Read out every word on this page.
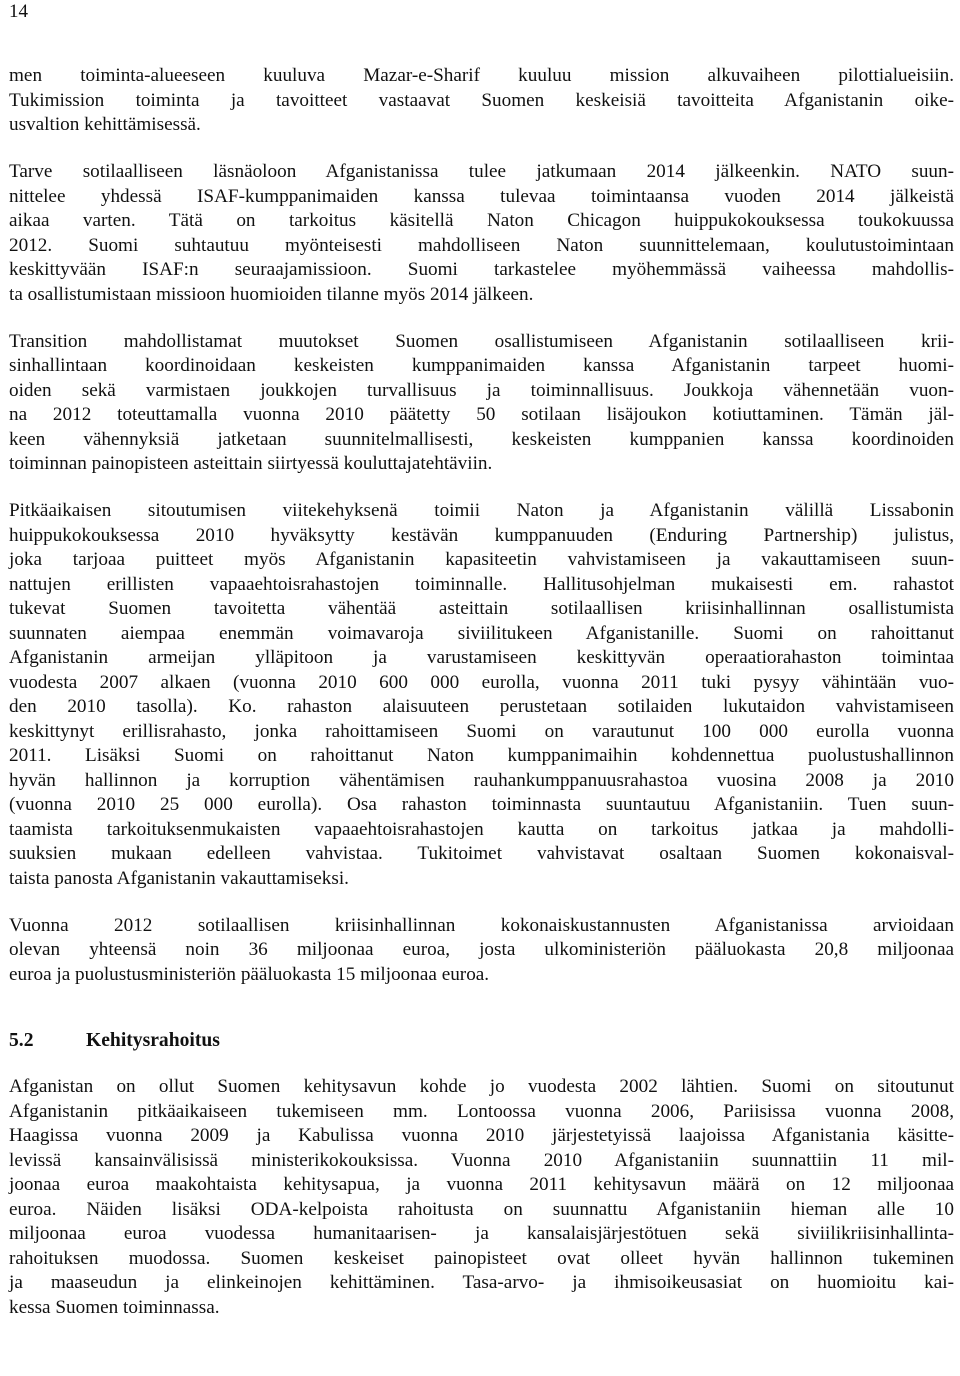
14

men toiminta-alueeseen kuuluva Mazar-e-Sharif kuuluu mission alkuvaiheen pilottialueisiin.
Tukimission toiminta ja tavoitteet vastaavat Suomen keskeisiä tavoitteita Afganistanin oike-
usvaltion kehittämisessä.

Tarve sotilaalliseen läsnäoloon Afganistanissa tulee jatkumaan 2014 jälkeenkin. NATO suun-
nittelee yhdessä ISAF-kumppanimaiden kanssa tulevaa toimintaansa vuoden 2014 jälkeistä
aikaa varten. Tätä on tarkoitus käsitellä Naton Chicagon huippukokouksessa toukokuussa
2012. Suomi suhtautuu myönteisesti mahdolliseen Naton suunnittelemaan, koulutustoimintaan
keskittyvään ISAF:n seuraajamissioon. Suomi tarkastelee myöhemmässä vaiheessa mahdollis-
ta osallistumistaan missioon huomioiden tilanne myös 2014 jälkeen.

Transition mahdollistamat muutokset Suomen osallistumiseen Afganistanin sotilaalliseen krii-
sinhallintaan koordinoidaan keskeisten kumppanimaiden kanssa Afganistanin tarpeet huomi-
oiden sekä varmistaen joukkojen turvallisuus ja toiminnallisuus. Joukkoja vähennetään vuon-
na 2012 toteuttamalla vuonna 2010 päätetty 50 sotilaan lisäjoukon kotiuttaminen. Tämän jäl-
keen vähennyksiä jatketaan suunnitelmallisesti, keskeisten kumppanien kanssa koordinoiden
toiminnan painopisteen asteittain siirtyessä kouluttajatehtäviin.

Pitkäaikaisen sitoutumisen viitekehyksenä toimii Naton ja Afganistanin välillä Lissabonin
huippukokouksessa 2010 hyväksytty kestävän kumppanuuden (Enduring Partnership) julistus,
joka tarjoaa puitteet myös Afganistanin kapasiteetin vahvistamiseen ja vakauttamiseen suun-
nattujen erillisten vapaaehtoisrahastojen toiminnalle. Hallitusohjelman mukaisesti em. rahastot
tukevat Suomen tavoitetta vähentää asteittain sotilaallisen kriisinhallinnan osallistumista
suunnaten aiempaa enemmän voimavaroja siviilitukeen Afganistanille. Suomi on rahoittanut
Afganistanin armeijan ylläpitoon ja varustamiseen keskittyvän operaatiorahaston toimintaa
vuodesta 2007 alkaen (vuonna 2010 600 000 eurolla, vuonna 2011 tuki pysyy vähintään vuo-
den 2010 tasolla). Ko. rahaston alaisuuteen perustetaan sotilaiden lukutaidon vahvistamiseen
keskittynyt erillisrahasto, jonka rahoittamiseen Suomi on varautunut 100 000 eurolla vuonna
2011. Lisäksi Suomi on rahoittanut Naton kumppanimaihin kohdennettua puolustushallinnon
hyvän hallinnon ja korruption vähentämisen rauhankumppanuusrahastoa vuosina 2008 ja 2010
(vuonna 2010 25 000 eurolla). Osa rahaston toiminnasta suuntautuu Afganistaniin. Tuen suun-
taamista tarkoituksenmukaisten vapaaehtoisrahastojen kautta on tarkoitus jatkaa ja mahdolli-
suuksien mukaan edelleen vahvistaa. Tukitoimet vahvistavat osaltaan Suomen kokonaisval-
taista panosta Afganistanin vakauttamiseksi.

Vuonna 2012 sotilaallisen kriisinhallinnan kokonaiskustannusten Afganistanissa arvioidaan
olevan yhteensä noin 36 miljoonaa euroa, josta ulkoministeriön pääluokasta 20,8 miljoonaa
euroa ja puolustusministeriön pääluokasta 15 miljoonaa euroa.

5.2	Kehitysrahoitus

Afganistan on ollut Suomen kehitysavun kohde jo vuodesta 2002 lähtien. Suomi on sitoutunut
Afganistanin pitkäaikaiseen tukemiseen mm. Lontoossa vuonna 2006, Pariisissa vuonna 2008,
Haagissa vuonna 2009 ja Kabulissa vuonna 2010 järjestetyissä laajoissa Afganistania käsitte-
levissä kansainvälisissä ministerikokouksissa. Vuonna 2010 Afganistaniin suunnattiin 11 mil-
joonaa euroa maakohtaista kehitysapua, ja vuonna 2011 kehitysavun määrä on 12 miljoonaa
euroa. Näiden lisäksi ODA-kelpoista rahoitusta on suunnattu Afganistaniin hieman alle 10
miljoonaa euroa vuodessa humanitaarisen- ja kansalaisjärjestötuen sekä siviilikriisinhallinta-
rahoituksen muodossa. Suomen keskeiset painopisteet ovat olleet hyvän hallinnon tukeminen
ja maaseudun ja elinkeinojen kehittäminen. Tasa-arvo- ja ihmisoikeusasiat on huomioitu kai-
kessa Suomen toiminnassa.
